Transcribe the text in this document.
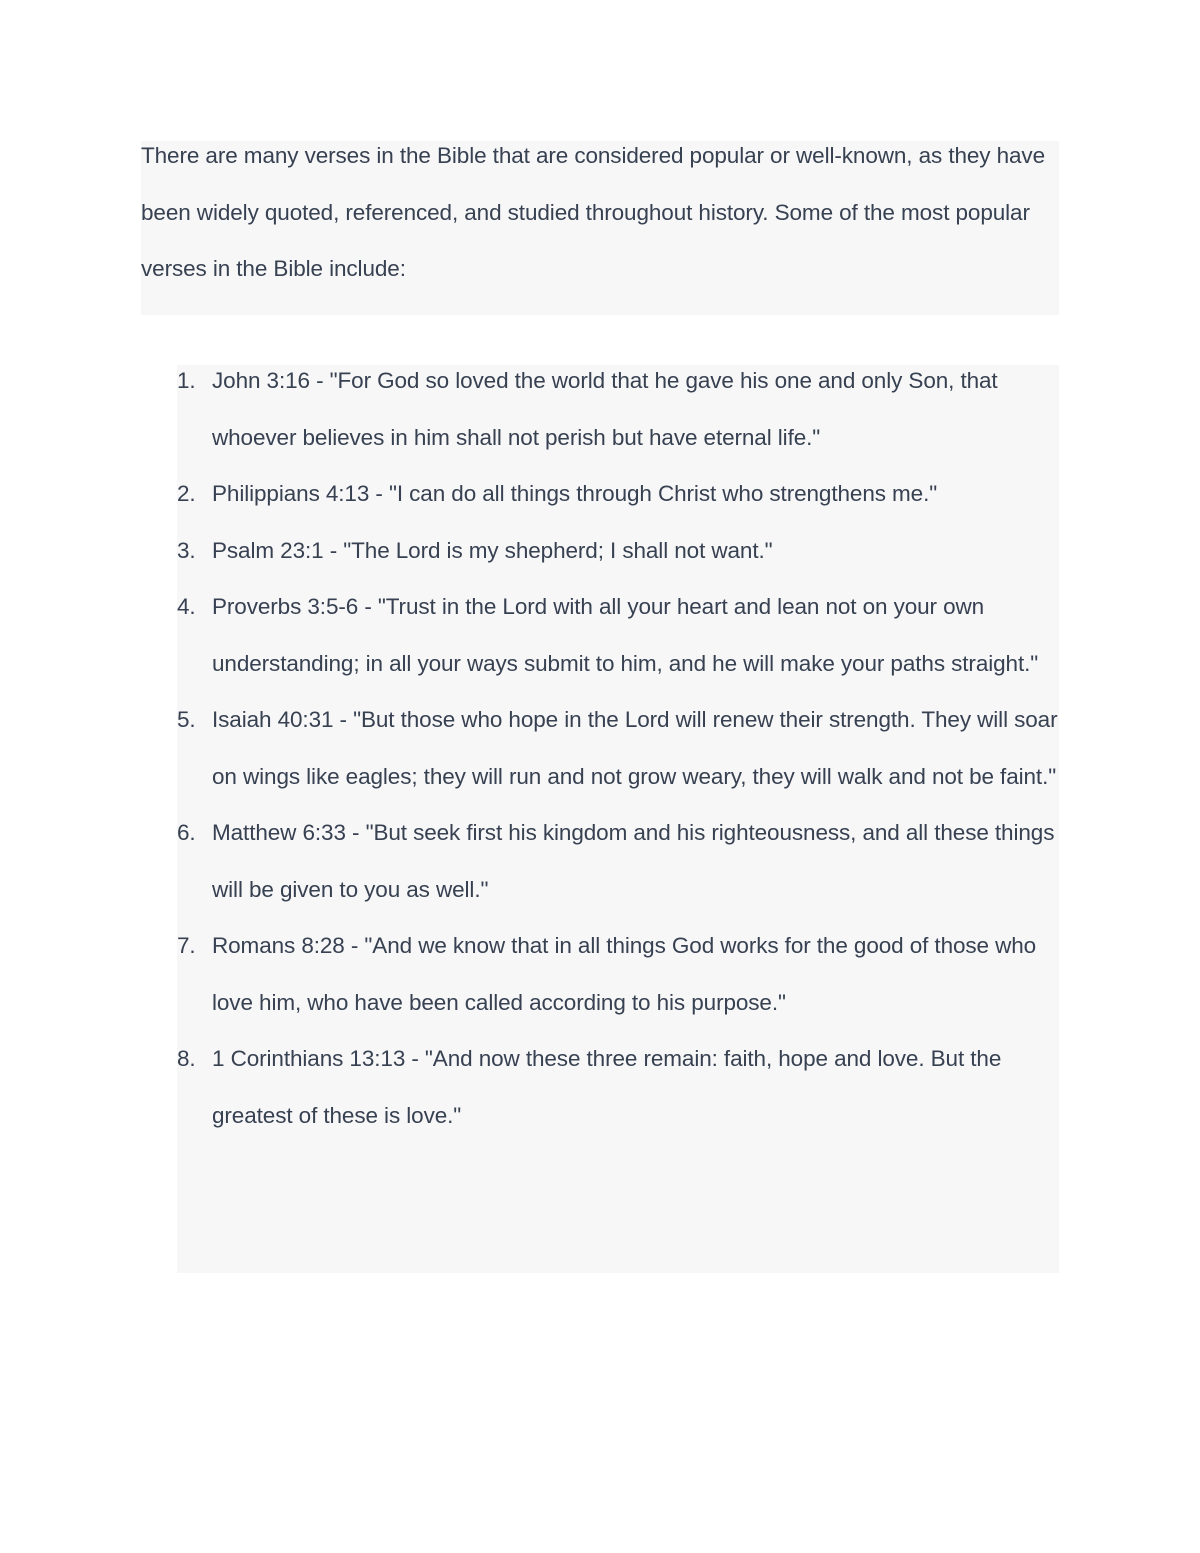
There are many verses in the Bible that are considered popular or well-known, as they have been widely quoted, referenced, and studied throughout history. Some of the most popular verses in the Bible include:

1. John 3:16 - "For God so loved the world that he gave his one and only Son, that whoever believes in him shall not perish but have eternal life."
2. Philippians 4:13 - "I can do all things through Christ who strengthens me."
3. Psalm 23:1 - "The Lord is my shepherd; I shall not want."
4. Proverbs 3:5-6 - "Trust in the Lord with all your heart and lean not on your own understanding; in all your ways submit to him, and he will make your paths straight."
5. Isaiah 40:31 - "But those who hope in the Lord will renew their strength. They will soar on wings like eagles; they will run and not grow weary, they will walk and not be faint."
6. Matthew 6:33 - "But seek first his kingdom and his righteousness, and all these things will be given to you as well."
7. Romans 8:28 - "And we know that in all things God works for the good of those who love him, who have been called according to his purpose."
8. 1 Corinthians 13:13 - "And now these three remain: faith, hope and love. But the greatest of these is love."
